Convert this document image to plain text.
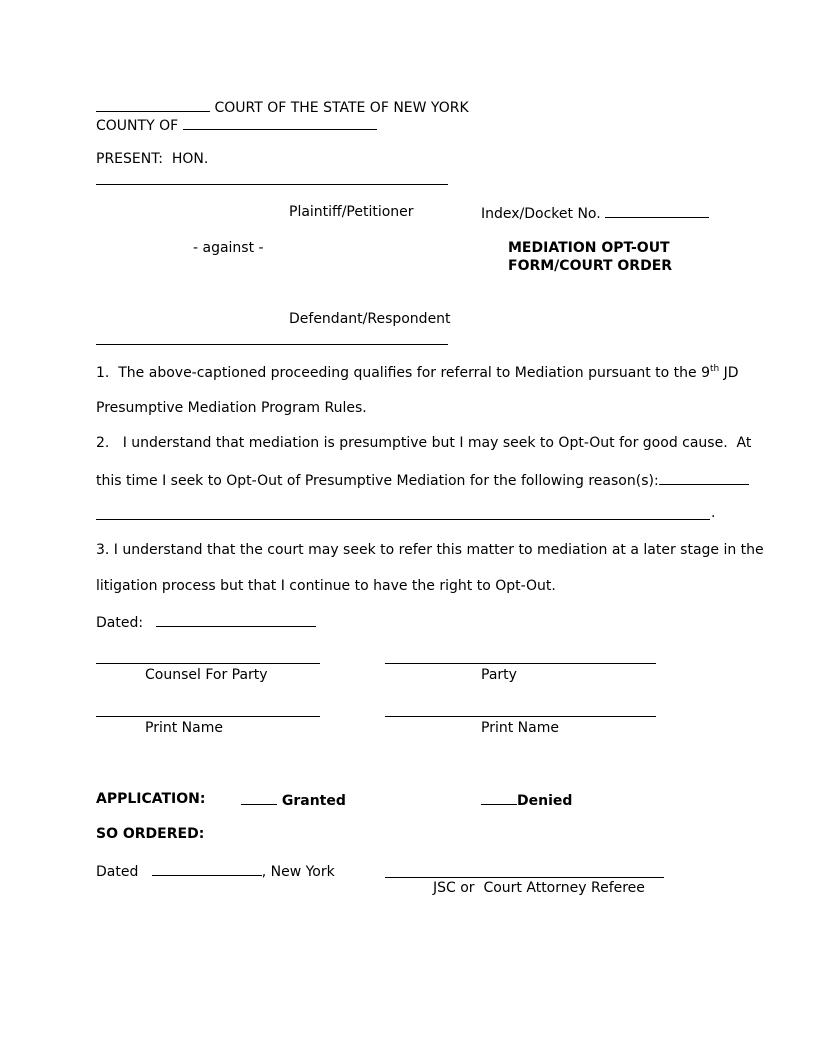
COURT OF THE STATE OF NEW YORK
COUNTY OF
PRESENT:  HON.
Plaintiff/Petitioner	Index/Docket No.
- against -	MEDIATION OPT-OUT
FORM/COURT ORDER
Defendant/Respondent
1.  The above-captioned proceeding qualifies for referral to Mediation pursuant to the 9th JD
Presumptive Mediation Program Rules.
2.   I understand that mediation is presumptive but I may seek to Opt-Out for good cause.  At
this time I seek to Opt-Out of Presumptive Mediation for the following reason(s):
.
3. I understand that the court may seek to refer this matter to mediation at a later stage in the
litigation process but that I continue to have the right to Opt-Out.
Dated:
Counsel For Party	Party
Print Name	Print Name
APPLICATION:	Granted	Denied
SO ORDERED:
Dated	, New York
JSC or  Court Attorney Referee
